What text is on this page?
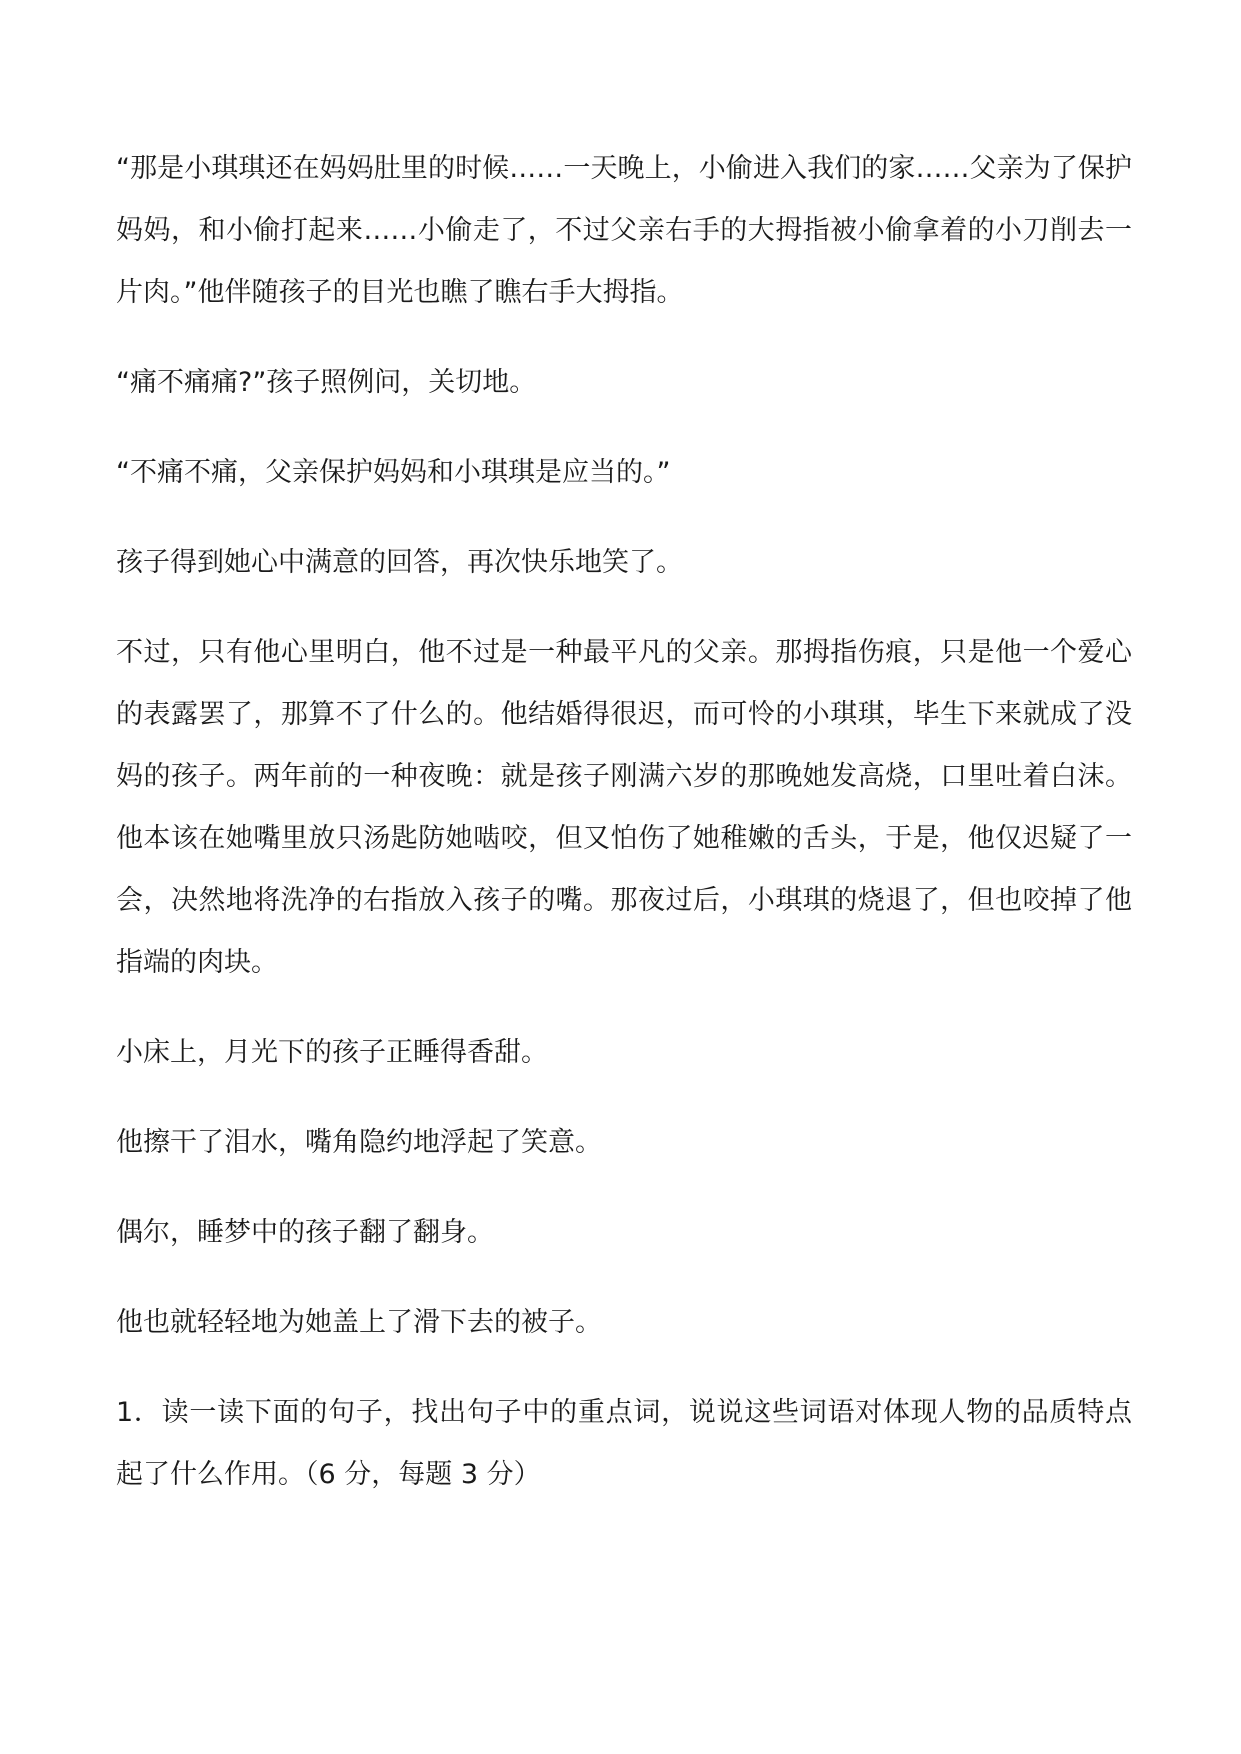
“那是小琪琪还在妈妈肚里的时候……一天晚上，小偷进入我们的家……父亲为了保护妈妈，和小偷打起来……小偷走了，不过父亲右手的大拇指被小偷拿着的小刀削去一片肉。”他伴随孩子的目光也瞧了瞧右手大拇指。

“痛不痛痛?”孩子照例问，关切地。

“不痛不痛，父亲保护妈妈和小琪琪是应当的。”

孩子得到她心中满意的回答，再次快乐地笑了。

不过，只有他心里明白，他不过是一种最平凡的父亲。那拇指伤痕，只是他一个爱心的表露罢了，那算不了什么的。他结婚得很迟，而可怜的小琪琪，毕生下来就成了没妈的孩子。两年前的一种夜晚：就是孩子刚满六岁的那晚她发高烧，口里吐着白沫。他本该在她嘴里放只汤匙防她啮咬，但又怕伤了她稚嫩的舌头，于是，他仅迟疑了一会，决然地将洗净的右指放入孩子的嘴。那夜过后，小琪琪的烧退了，但也咬掉了他指端的肉块。

小床上，月光下的孩子正睡得香甜。

他擦干了泪水，嘴角隐约地浮起了笑意。

偶尔，睡梦中的孩子翻了翻身。

他也就轻轻地为她盖上了滑下去的被子。

1．读一读下面的句子，找出句子中的重点词，说说这些词语对体现人物的品质特点起了什么作用。（6 分，每题 3 分）
